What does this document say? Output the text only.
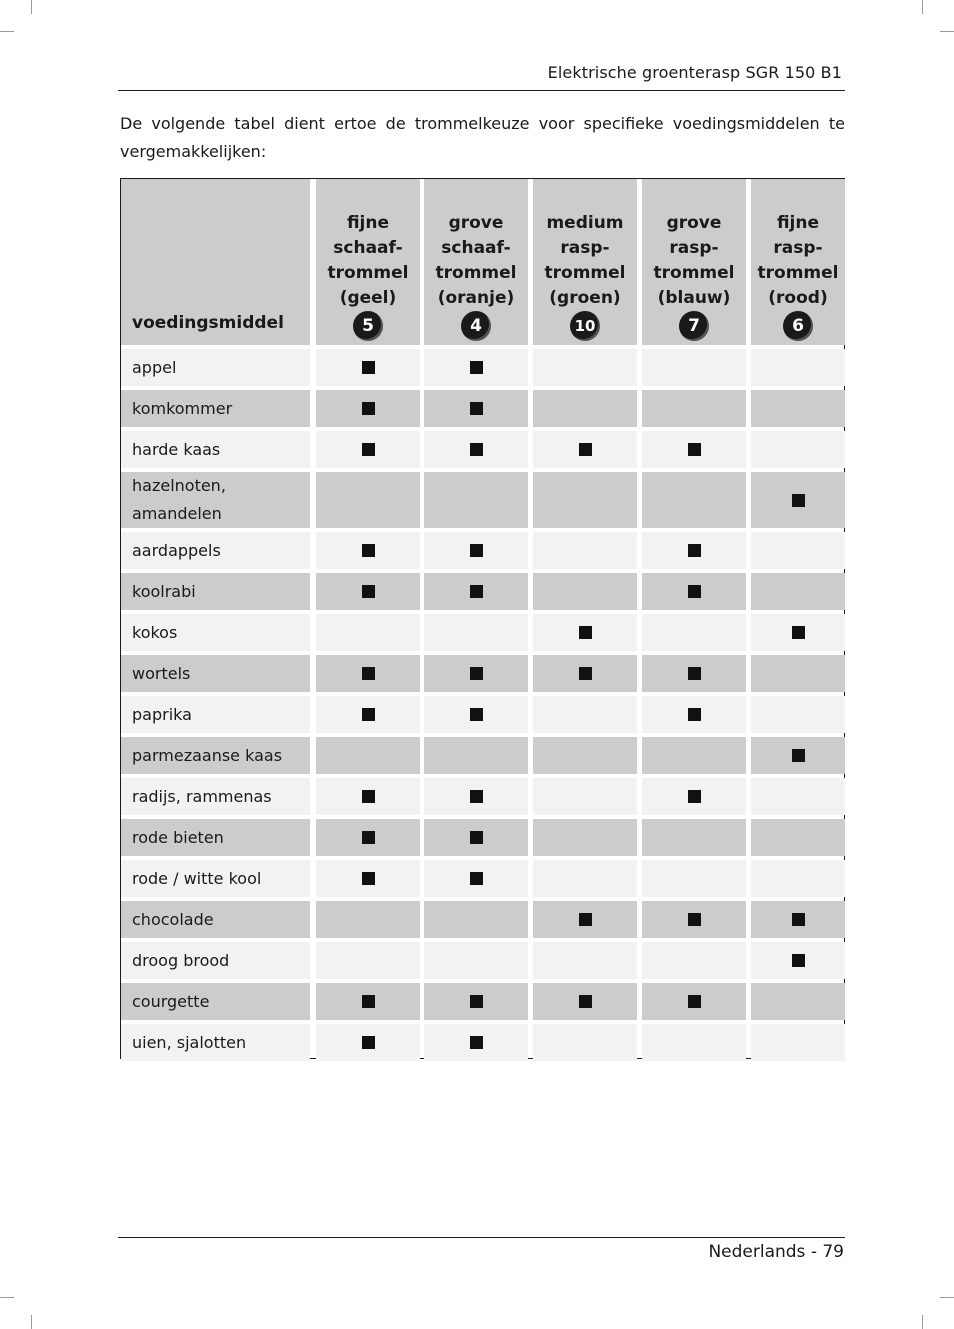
Elektrische groenterasp SGR 150 B1
De volgende tabel dient ertoe de trommelkeuze voor specifieke voedingsmiddelen te vergemakkelijken:
voedingsmiddel
fijne
schaaf-
trommel
(geel)
5
grove
schaaf-
trommel
(oranje)
4
medium
rasp-
trommel
(groen)
10
grove
rasp-
trommel
(blauw)
7
fijne
rasp-
trommel
(rood)
6
appel
komkommer
harde kaas
hazelnoten,
amandelen
aardappels
koolrabi
kokos
wortels
paprika
parmezaanse kaas
radijs, rammenas
rode bieten
rode / witte kool
chocolade
droog brood
courgette
uien, sjalotten
Nederlands - 79
